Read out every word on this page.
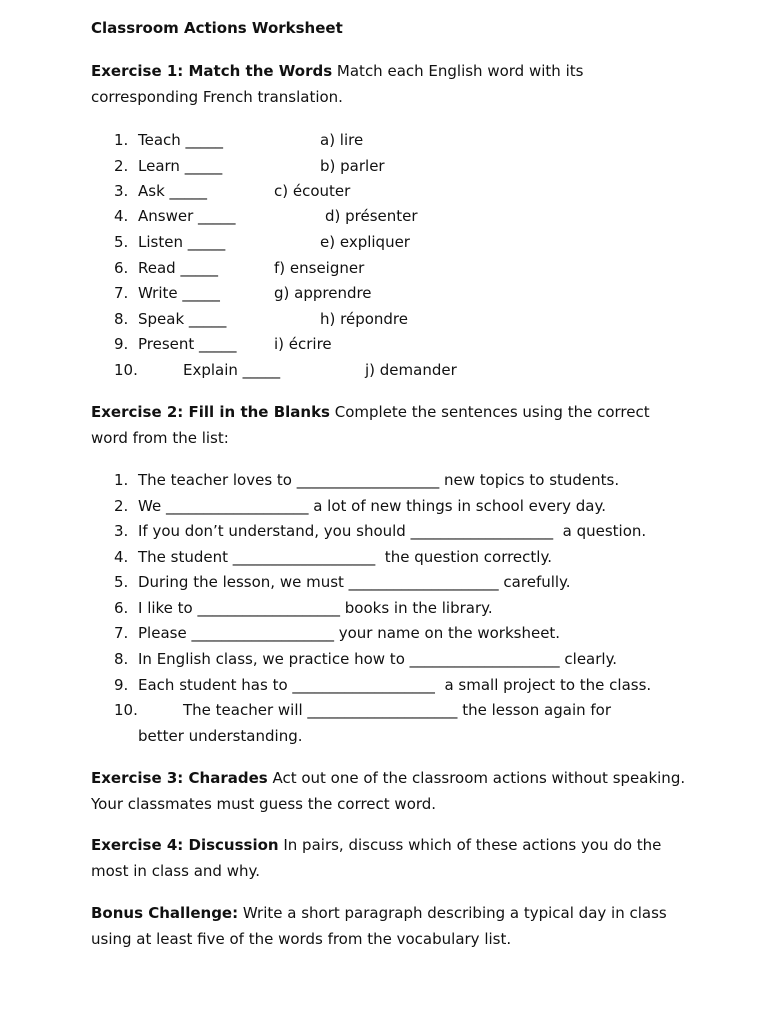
Classroom Actions Worksheet
Exercise 1: Match the Words Match each English word with its corresponding French translation.
1. Teach _____	a) lire
2. Learn _____	b) parler
3. Ask _____	c) écouter
4. Answer _____	d) présenter
5. Listen _____	e) expliquer
6. Read _____	f) enseigner
7. Write _____	g) apprendre
8. Speak _____	h) répondre
9. Present _____ i) écrire
10.	Explain _____	j) demander
Exercise 2: Fill in the Blanks Complete the sentences using the correct word from the list:
1. The teacher loves to ___________________ new topics to students.
2. We ___________________ a lot of new things in school every day.
3. If you don’t understand, you should ___________________  a question.
4. The student ___________________  the question correctly.
5. During the lesson, we must ____________________ carefully.
6. I like to ___________________ books in the library.
7. Please ___________________ your name on the worksheet.
8. In English class, we practice how to ____________________ clearly.
9. Each student has to ___________________  a small project to the class.
10.	The teacher will ____________________ the lesson again for
better understanding.
Exercise 3: Charades Act out one of the classroom actions without speaking. Your classmates must guess the correct word.
Exercise 4: Discussion In pairs, discuss which of these actions you do the most in class and why.
Bonus Challenge: Write a short paragraph describing a typical day in class using at least five of the words from the vocabulary list.
